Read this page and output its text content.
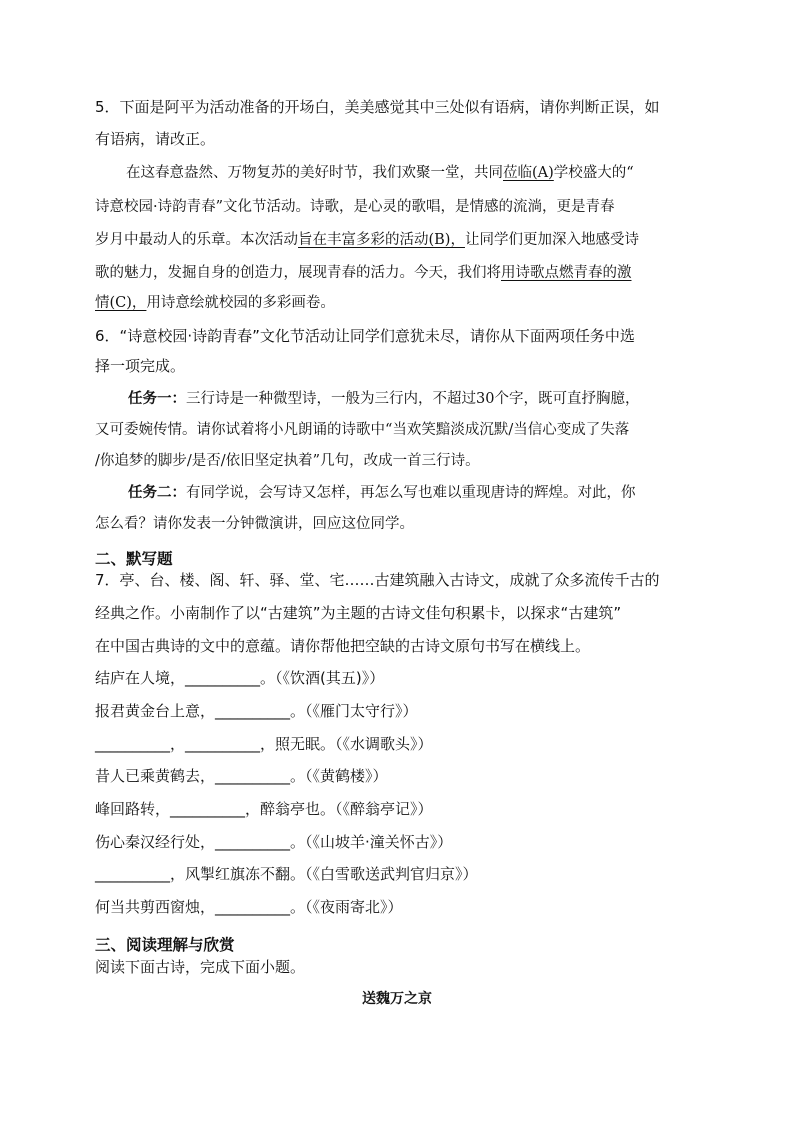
5．下面是阿平为活动准备的开场白，美美感觉其中三处似有语病，请你判断正误，如
有语病，请改正。
在这春意盎然、万物复苏的美好时节，我们欢聚一堂，共同莅临(A)学校盛大的“
诗意校园·诗韵青春”文化节活动。诗歌，是心灵的歌唱，是情感的流淌，更是青春
岁月中最动人的乐章。本次活动旨在丰富多彩的活动(B)，让同学们更加深入地感受诗
歌的魅力，发掘自身的创造力，展现青春的活力。今天，我们将用诗歌点燃青春的激
情(C)，用诗意绘就校园的多彩画卷。
6．“诗意校园·诗韵青春”文化节活动让同学们意犹未尽，请你从下面两项任务中选
择一项完成。
任务一：三行诗是一种微型诗，一般为三行内，不超过30个字，既可直抒胸臆，
又可委婉传情。请你试着将小凡朗诵的诗歌中“当欢笑黯淡成沉默/当信心变成了失落
/你追梦的脚步/是否/依旧坚定执着”几句，改成一首三行诗。
任务二：有同学说，会写诗又怎样，再怎么写也难以重现唐诗的辉煌。对此，你
怎么看？请你发表一分钟微演讲，回应这位同学。
二、默写题
7．亭、台、楼、阁、轩、驿、堂、宅……古建筑融入古诗文，成就了众多流传千古的
经典之作。小南制作了以“古建筑”为主题的古诗文佳句积累卡，以探求“古建筑”
在中国古典诗的文中的意蕴。请你帮他把空缺的古诗文原句书写在横线上。
结庐在人境，__________。（《饮酒(其五)》）
报君黄金台上意，__________。（《雁门太守行》）
__________，__________，照无眠。（《水调歌头》）
昔人已乘黄鹤去，__________。（《黄鹤楼》）
峰回路转，__________，醉翁亭也。（《醉翁亭记》）
伤心秦汉经行处，__________。（《山坡羊·潼关怀古》）
__________，风掣红旗冻不翻。（《白雪歌送武判官归京》）
何当共剪西窗烛，__________。（《夜雨寄北》）
三、阅读理解与欣赏
阅读下面古诗，完成下面小题。
送魏万之京
